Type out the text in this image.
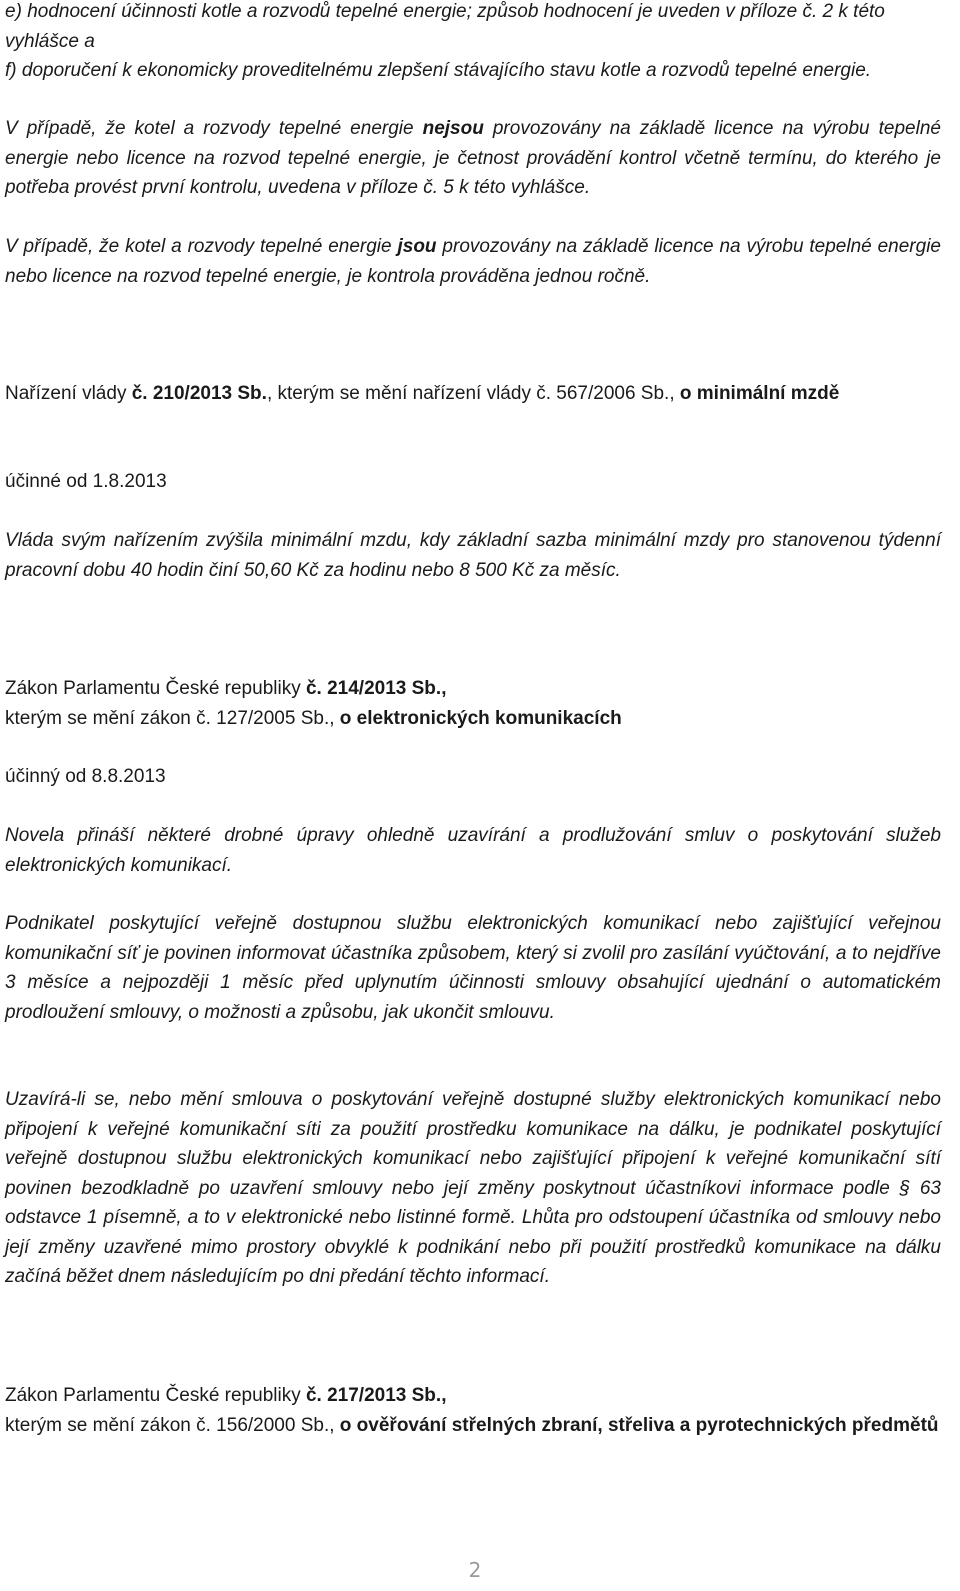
e) hodnocení účinnosti kotle a rozvodů tepelné energie; způsob hodnocení je uveden v příloze č. 2 k této vyhlášce a

f) doporučení k ekonomicky proveditelnému zlepšení stávajícího stavu kotle a rozvodů tepelné energie.

V případě, že kotel a rozvody tepelné energie nejsou provozovány na základě licence na výrobu tepelné energie nebo licence na rozvod tepelné energie, je četnost provádění kontrol včetně termínu, do kterého je potřeba provést první kontrolu, uvedena v příloze č. 5 k této vyhlášce.

V případě, že kotel a rozvody tepelné energie jsou provozovány na základě licence na výrobu tepelné energie nebo licence na rozvod tepelné energie, je kontrola prováděna jednou ročně.

Nařízení vlády č. 210/2013 Sb., kterým se mění nařízení vlády č. 567/2006 Sb., o minimální mzdě

účinné od 1.8.2013

Vláda svým nařízením zvýšila minimální mzdu, kdy základní sazba minimální mzdy pro stanovenou týdenní pracovní dobu 40 hodin činí 50,60 Kč za hodinu nebo 8 500 Kč za měsíc.

Zákon Parlamentu České republiky č. 214/2013 Sb.,
kterým se mění zákon č. 127/2005 Sb., o elektronických komunikacích

účinný od 8.8.2013

Novela přináší některé drobné úpravy ohledně uzavírání a prodlužování smluv o poskytování služeb elektronických komunikací.

Podnikatel poskytující veřejně dostupnou službu elektronických komunikací nebo zajišťující veřejnou komunikační síť je povinen informovat účastníka způsobem, který si zvolil pro zasílání vyúčtování, a to nejdříve 3 měsíce a nejpozději 1 měsíc před uplynutím účinnosti smlouvy obsahující ujednání o automatickém prodloužení smlouvy, o možnosti a způsobu, jak ukončit smlouvu.

Uzavírá-li se, nebo mění smlouva o poskytování veřejně dostupné služby elektronických komunikací nebo připojení k veřejné komunikační síti za použití prostředku komunikace na dálku, je podnikatel poskytující veřejně dostupnou službu elektronických komunikací nebo zajišťující připojení k veřejné komunikační sítí povinen bezodkladně po uzavření smlouvy nebo její změny poskytnout účastníkovi informace podle § 63 odstavce 1 písemně, a to v elektronické nebo listinné formě. Lhůta pro odstoupení účastníka od smlouvy nebo její změny uzavřené mimo prostory obvyklé k podnikání nebo při použití prostředků komunikace na dálku začíná běžet dnem následujícím po dni předání těchto informací.

Zákon Parlamentu České republiky č. 217/2013 Sb.,
kterým se mění zákon č. 156/2000 Sb., o ověřování střelných zbraní, střeliva a pyrotechnických předmětů

2
